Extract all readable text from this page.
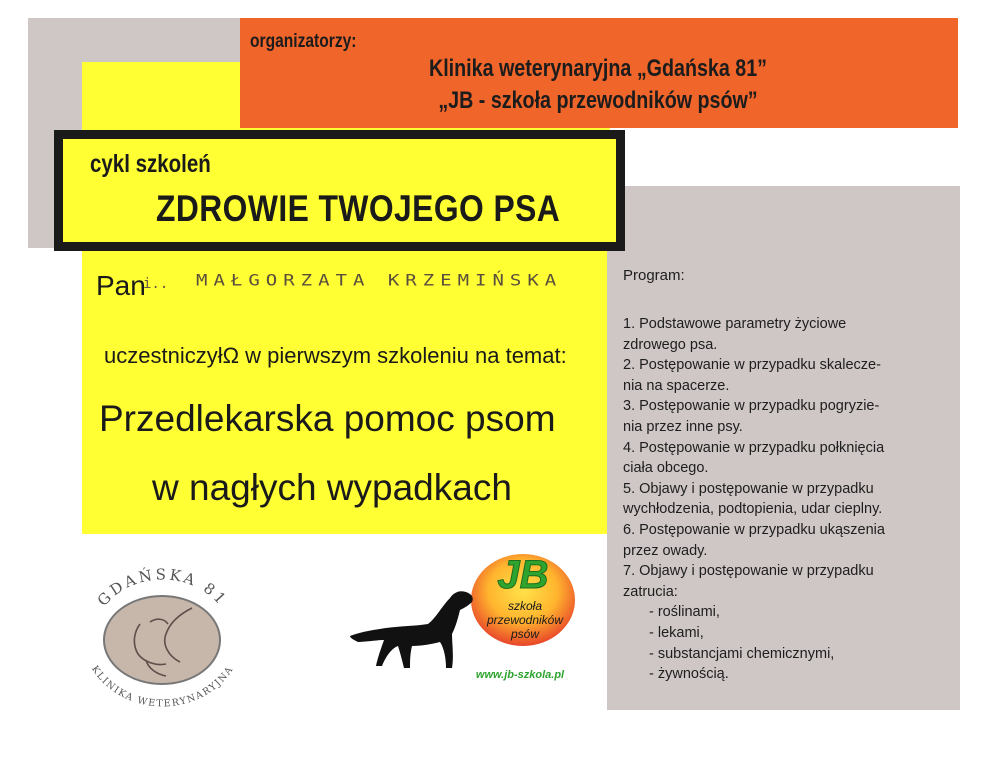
organizatorzy:
Klinika weterynaryjna „Gdańska 81”
„JB - szkoła przewodników psów”
cykl szkoleń
ZDROWIE TWOJEGO PSA
Pan
i.. MAŁGORZATA KRZEMIŃSKA
uczestniczyłΩ w pierwszym szkoleniu na temat:
Przedlekarska pomoc psom
w nagłych wypadkach
Program:
1. Podstawowe parametry życiowe
zdrowego psa.
2. Postępowanie w przypadku skalecze-
nia na spacerze.
3. Postępowanie w przypadku pogryzie-
nia przez inne psy.
4. Postępowanie w przypadku połknięcia
ciała obcego.
5. Objawy i postępowanie w przypadku
wychłodzenia, podtopienia, udar cieplny.
6. Postępowanie w przypadku ukąszenia
przez owady.
7. Objawy i postępowanie w przypadku
zatrucia:
- roślinami,
- lekami,
- substancjami chemicznymi,
- żywnością.
GDAŃSKA 81
KLINIKA WETERYNARYJNA
JB
szkoła
przewodników
psów
www.jb-szkola.pl
